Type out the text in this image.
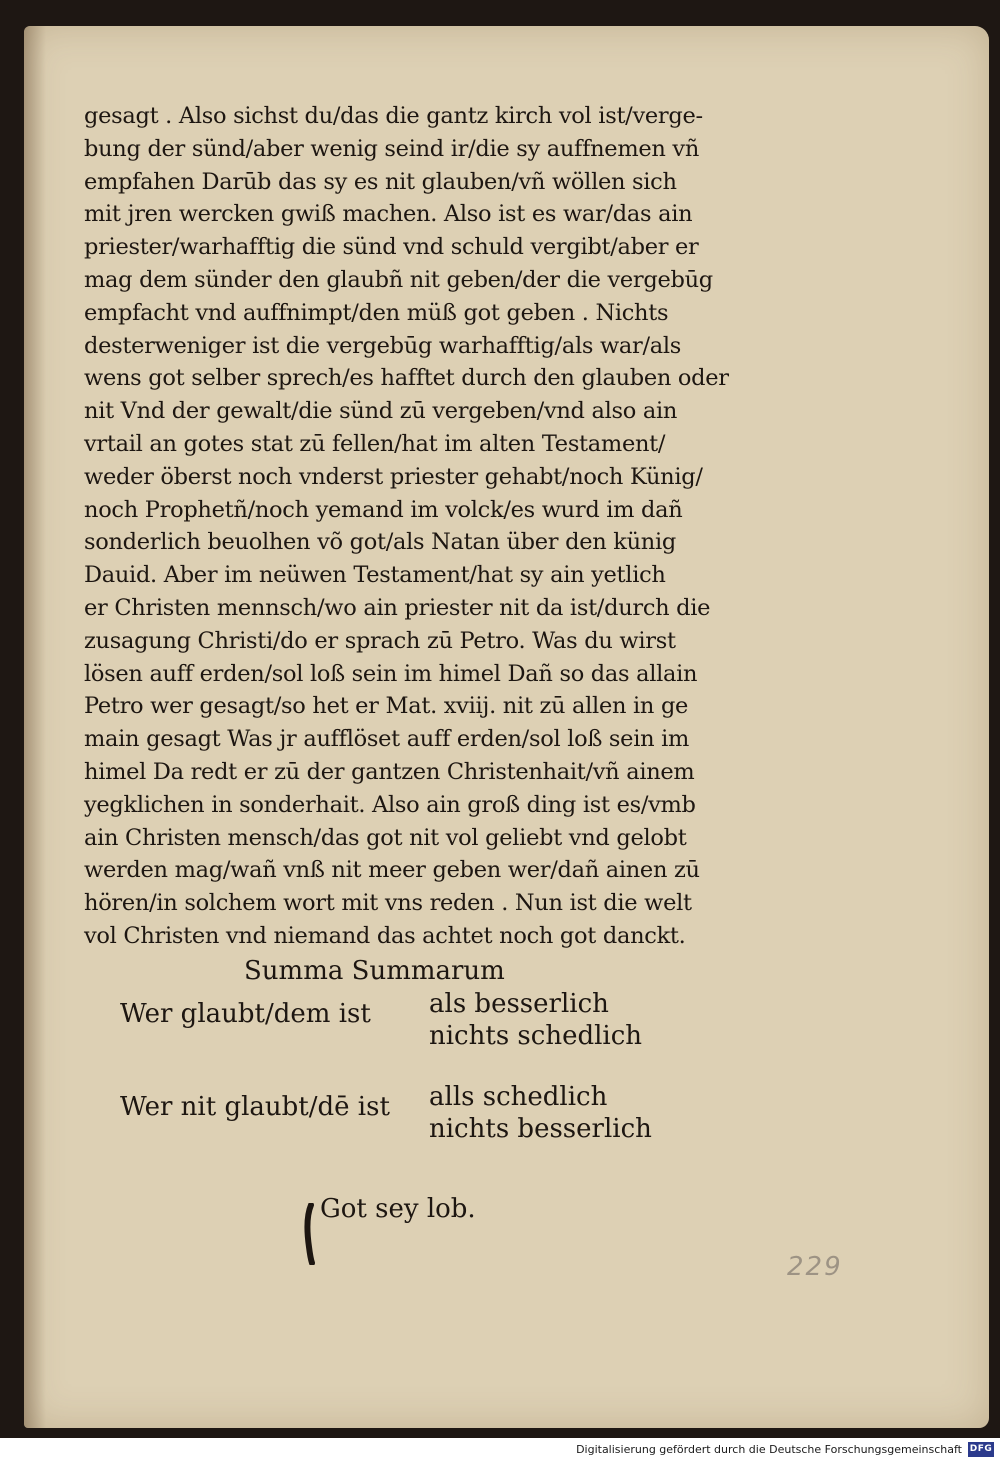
gesagt . Also sichst du/das die gantz kirch vol ist/verge-
bung der sünd/aber wenig seind ir/die sy auffnemen vñ
empfahen Darūb das sy es nit glauben/vñ wöllen sich
mit jren wercken gwiß machen. Also ist es war/das ain
priester/warhafftig die sünd vnd schuld vergibt/aber er
mag dem sünder den glaubñ nit geben/der die vergebūg
empfacht vnd auffnimpt/den müß got geben . Nichts
desterweniger ist die vergebūg warhafftig/als war/als
wens got selber sprech/es hafftet durch den glauben oder
nit Vnd der gewalt/die sünd zū vergeben/vnd also ain
vrtail an gotes stat zū fellen/hat im alten Testament/
weder öberst noch vnderst priester gehabt/noch Künig/
noch Prophetñ/noch yemand im volck/es wurd im dañ
sonderlich beuolhen võ got/als Natan über den künig
Dauid. Aber im neüwen Testament/hat sy ain yetlich
er Christen mennsch/wo ain priester nit da ist/durch die
zusagung Christi/do er sprach zū Petro. Was du wirst
lösen auff erden/sol loß sein im himel Dañ so das allain
Petro wer gesagt/so het er Mat. xviij. nit zū allen in ge
main gesagt Was jr aufflöset auff erden/sol loß sein im
himel Da redt er zū der gantzen Christenhait/vñ ainem
yegklichen in sonderhait. Also ain groß ding ist es/vmb
ain Christen mensch/das got nit vol geliebt vnd gelobt
werden mag/wañ vnß nit meer geben wer/dañ ainen zū
hören/in solchem wort mit vns reden . Nun ist die welt
vol Christen vnd niemand das achtet noch got danckt.
Summa Summarum
Wer glaubt/dem ist als besserlich
nichts schedlich
Wer nit glaubt/dē ist alls schedlich
nichts besserlich
Got sey lob.
229
Digitalisierung gefördert durch die Deutsche Forschungsgemeinschaft DFG
